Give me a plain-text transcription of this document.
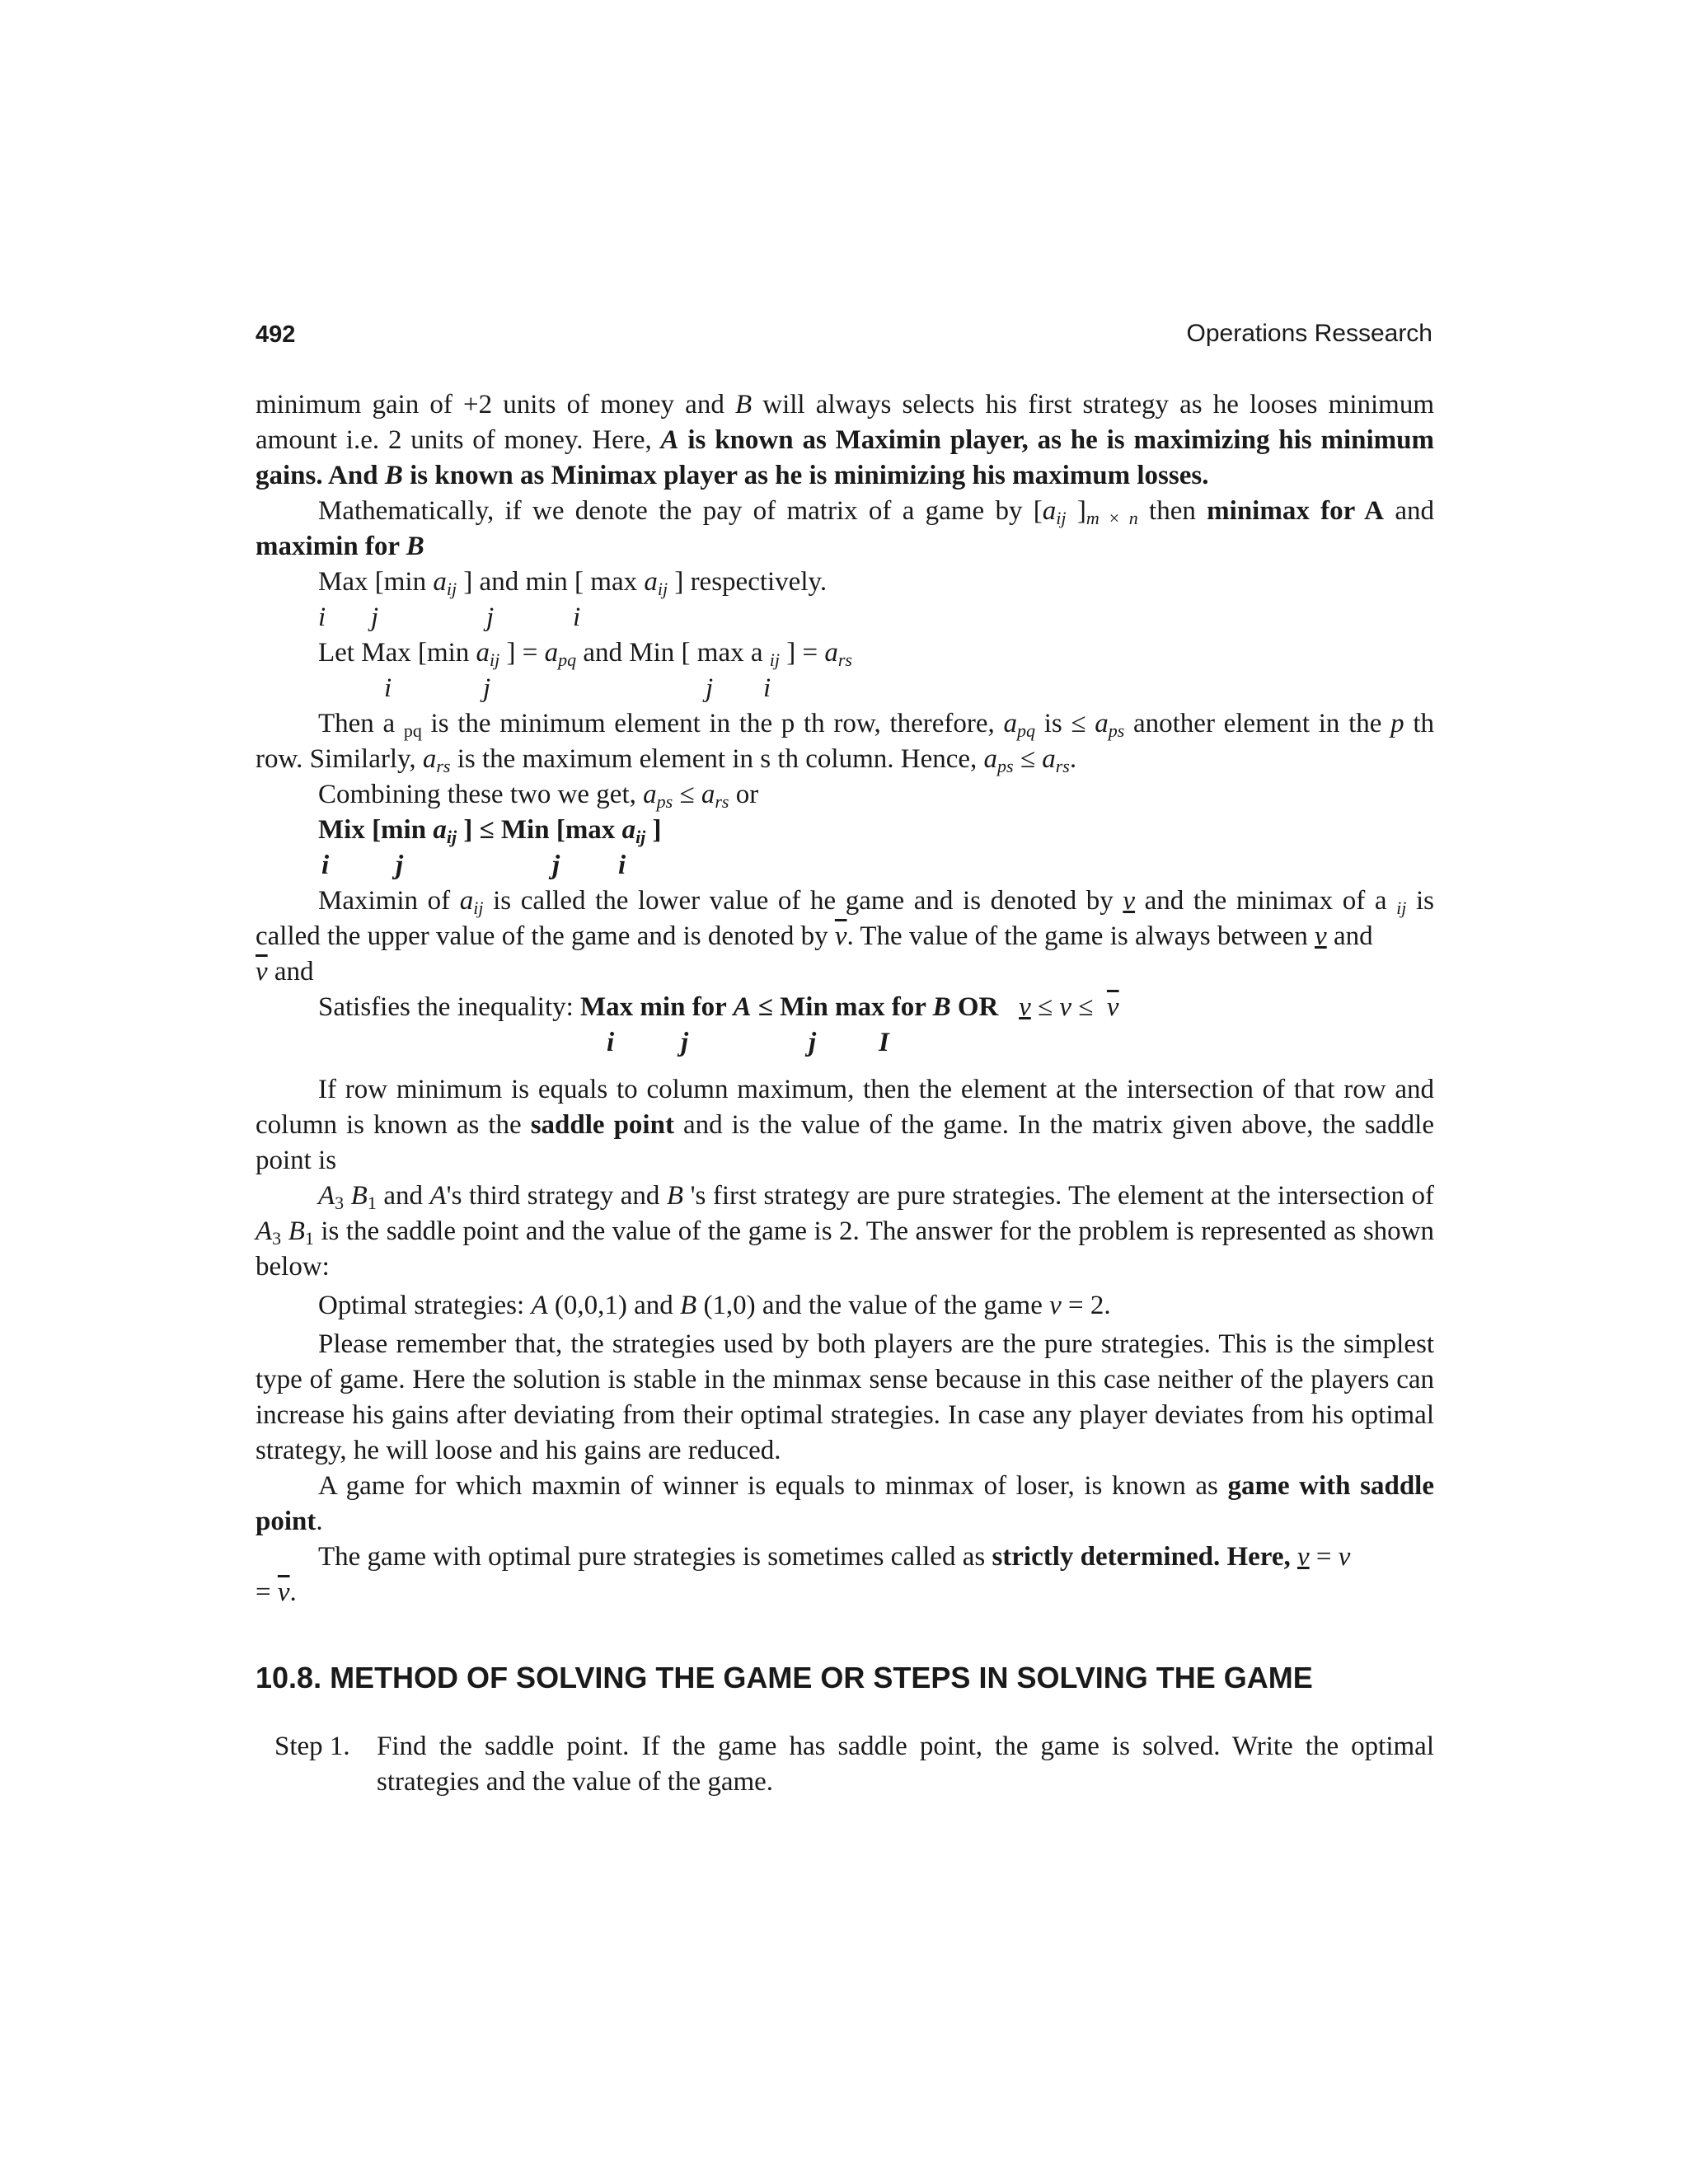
492	Operations Ressearch

minimum gain of +2 units of money and B will always selects his first strategy as he looses minimum amount i.e. 2 units of money. Here, A is known as Maximin player, as he is maximizing his minimum gains. And B is known as Minimax player as he is minimizing his maximum losses.

Mathematically, if we denote the pay of matrix of a game by [$a_{ij}$ ]$_{m \times n}$ then minimax for A and maximin for B

Max [min $a_{ij}$ ] and min [ $\max a_{ij}$ ] respectively.

i j	j	i

Let Max [min $a_{ij}$ ] = $a_{pq}$ and Min [ max a $_{ij}$ ] = $a_{rs}$

i	j	j i

Then a $_{pq}$ is the minimum element in the p th row, therefore, $a_{pq}$ is ≤ $a_{ps}$ another element in the p th row. Similarly, $a_{rs}$ is the maximum element in s th column. Hence, $a_{ps} \le a_{rs}$.

Combining these two we get, $a_{ps} \le a_{rs}$ or

Mix [min $a_{ij}$ ] ≤ Min [max $a_{ij}$ ]

i j	j i

Maximin of $a_{ij}$ is called the lower value of he game and is denoted by v and the minimax of a $_{ij}$ is called the upper value of the game and is denoted by $\overline{v}$. The value of the game is always between v and
$\overline{v}$ and

Satisfies the inequality: Max min for A ≤ Min max for B OR $v \le v \le \overline{v}$

i j	j I

If row minimum is equals to column maximum, then the element at the intersection of that row and column is known as the saddle point and is the value of the game. In the matrix given above, the saddle point is

$A_3$ $B_1$ and A's third strategy and B 's first strategy are pure strategies. The element at the intersection of $A_3$ $B_1$ is the saddle point and the value of the game is 2. The answer for the problem is represented as shown below:

Optimal strategies: A (0,0,1) and B (1,0) and the value of the game v = 2.

Please remember that, the strategies used by both players are the pure strategies. This is the simplest type of game. Here the solution is stable in the minmax sense because in this case neither of the players can increase his gains after deviating from their optimal strategies. In case any player deviates from his optimal strategy, he will loose and his gains are reduced.

A game for which maxmin of winner is equals to minmax of loser, is known as game with saddle point.

The game with optimal pure strategies is sometimes called as strictly determined. Here, v = v
= $\overline{v}$.

10.8. METHOD OF SOLVING THE GAME OR STEPS IN SOLVING THE GAME
Step 1. Find the saddle point. If the game has saddle point, the game is solved. Write the optimal strategies and the value of the game.
